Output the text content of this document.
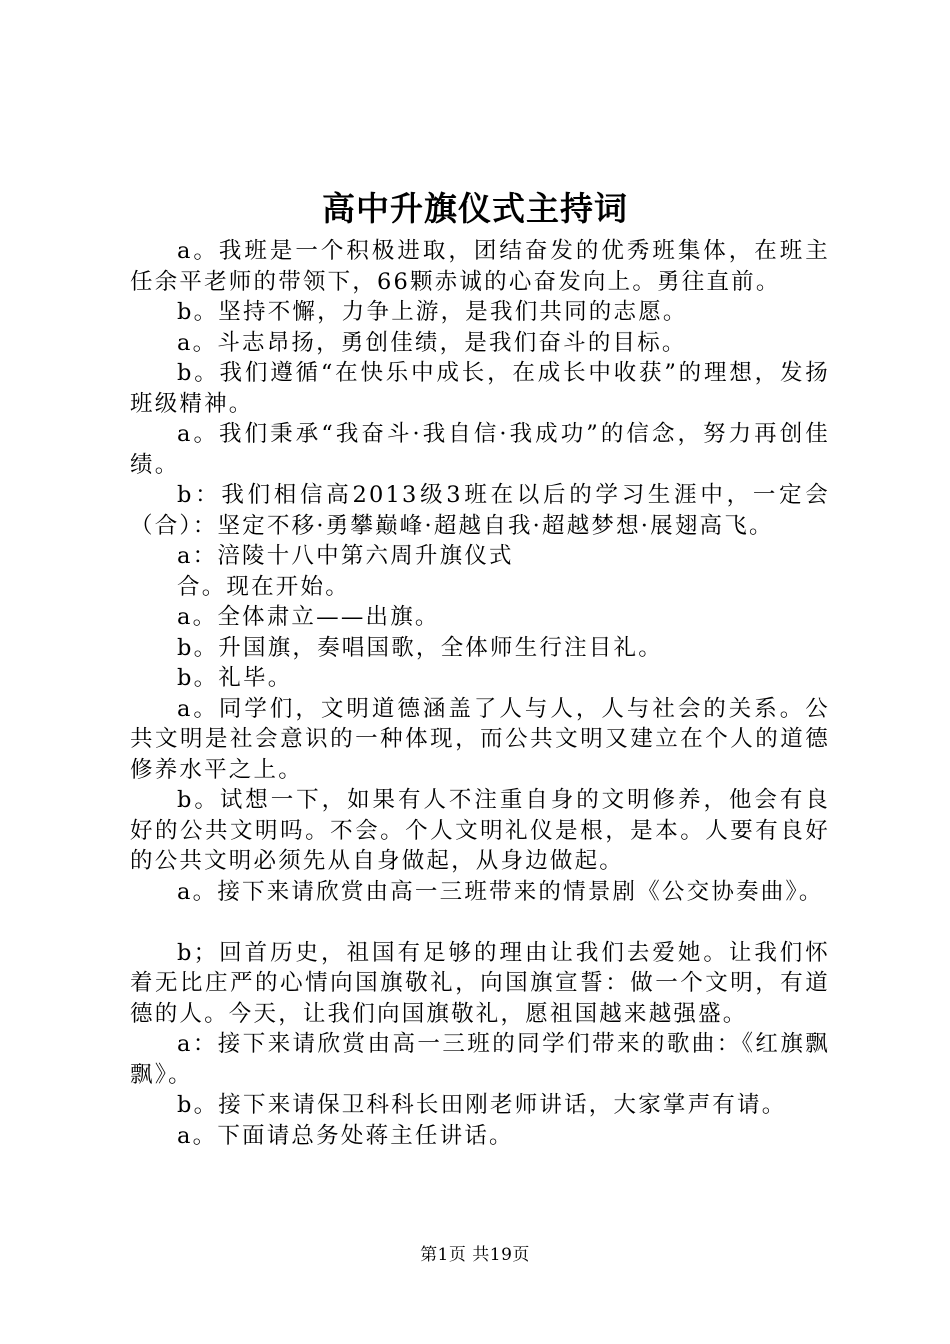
高中升旗仪式主持词

a。我班是一个积极进取，团结奋发的优秀班集体，在班主任余平老师的带领下，66颗赤诚的心奋发向上。勇往直前。

b。坚持不懈，力争上游，是我们共同的志愿。

a。斗志昂扬，勇创佳绩，是我们奋斗的目标。

b。我们遵循“在快乐中成长，在成长中收获”的理想，发扬班级精神。

a。我们秉承“我奋斗·我自信·我成功”的信念，努力再创佳绩。

b：我们相信高2013级3班在以后的学习生涯中，一定会（合）：坚定不移·勇攀巅峰·超越自我·超越梦想·展翅高飞。

a：涪陵十八中第六周升旗仪式

合。现在开始。

a。全体肃立——出旗。

b。升国旗，奏唱国歌，全体师生行注目礼。

b。礼毕。

a。同学们，文明道德涵盖了人与人，人与社会的关系。公共文明是社会意识的一种体现，而公共文明又建立在个人的道德修养水平之上。

b。试想一下，如果有人不注重自身的文明修养，他会有良好的公共文明吗。不会。个人文明礼仪是根，是本。人要有良好的公共文明必须先从自身做起，从身边做起。

a。接下来请欣赏由高一三班带来的情景剧《公交协奏曲》。

b；回首历史，祖国有足够的理由让我们去爱她。让我们怀着无比庄严的心情向国旗敬礼，向国旗宣誓：做一个文明，有道德的人。今天，让我们向国旗敬礼，愿祖国越来越强盛。

a：接下来请欣赏由高一三班的同学们带来的歌曲：《红旗飘飘》。

b。接下来请保卫科科长田刚老师讲话，大家掌声有请。

a。下面请总务处蒋主任讲话。

第1页 共19页
